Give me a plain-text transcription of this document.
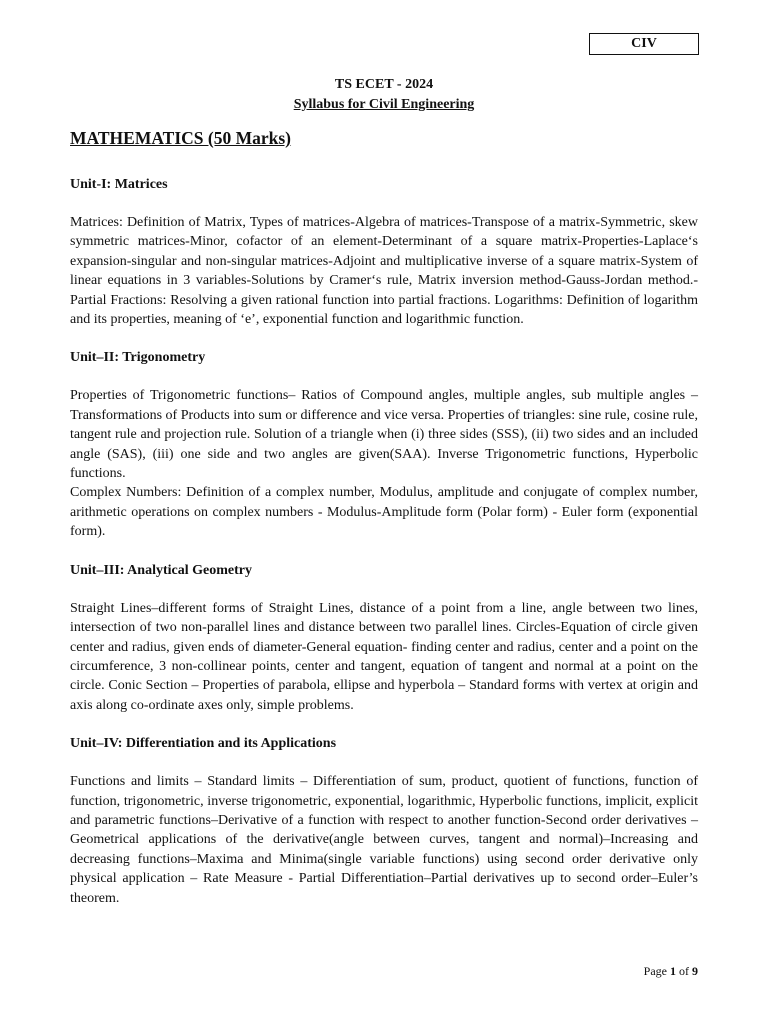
CIV
TS ECET - 2024
Syllabus for Civil Engineering
MATHEMATICS (50 Marks)
Unit-I: Matrices

Matrices: Definition of Matrix, Types of matrices-Algebra of matrices-Transpose of a matrix-Symmetric, skew symmetric matrices-Minor, cofactor of an element-Determinant of a square matrix-Properties-Laplace‘s expansion-singular and non-singular matrices-Adjoint and multiplicative inverse of a square matrix-System of linear equations in 3 variables-Solutions by Cramer‘s rule, Matrix inversion method-Gauss-Jordan method.-Partial Fractions: Resolving a given rational function into partial fractions. Logarithms: Definition of logarithm and its properties, meaning of ‘e’, exponential function and logarithmic function.

Unit–II: Trigonometry

Properties of Trigonometric functions– Ratios of Compound angles, multiple angles, sub multiple angles – Transformations of Products into sum or difference and vice versa. Properties of triangles: sine rule, cosine rule, tangent rule and projection rule. Solution of a triangle when (i) three sides (SSS), (ii) two sides and an included angle (SAS), (iii) one side and two angles are given(SAA). Inverse Trigonometric functions, Hyperbolic functions.

Complex Numbers: Definition of a complex number, Modulus, amplitude and conjugate of complex number, arithmetic operations on complex numbers - Modulus-Amplitude form (Polar form) - Euler form (exponential form).

Unit–III: Analytical Geometry

Straight Lines–different forms of Straight Lines, distance of a point from a line, angle between two lines, intersection of two non-parallel lines and distance between two parallel lines. Circles-Equation of circle given center and radius, given ends of diameter-General equation- finding center and radius, center and a point on the circumference, 3 non-collinear points, center and tangent, equation of tangent and normal at a point on the circle. Conic Section – Properties of parabola, ellipse and hyperbola – Standard forms with vertex at origin and axis along co-ordinate axes only, simple problems.

Unit–IV: Differentiation and its Applications

Functions and limits – Standard limits – Differentiation of sum, product, quotient of functions, function of function, trigonometric, inverse trigonometric, exponential, logarithmic, Hyperbolic functions, implicit, explicit and parametric functions–Derivative of a function with respect to another function-Second order derivatives – Geometrical applications of the derivative(angle between curves, tangent and normal)–Increasing and decreasing functions–Maxima and Minima(single variable functions) using second order derivative only physical application – Rate Measure - Partial Differentiation–Partial derivatives up to second order–Euler’s theorem.

Page 1 of 9
